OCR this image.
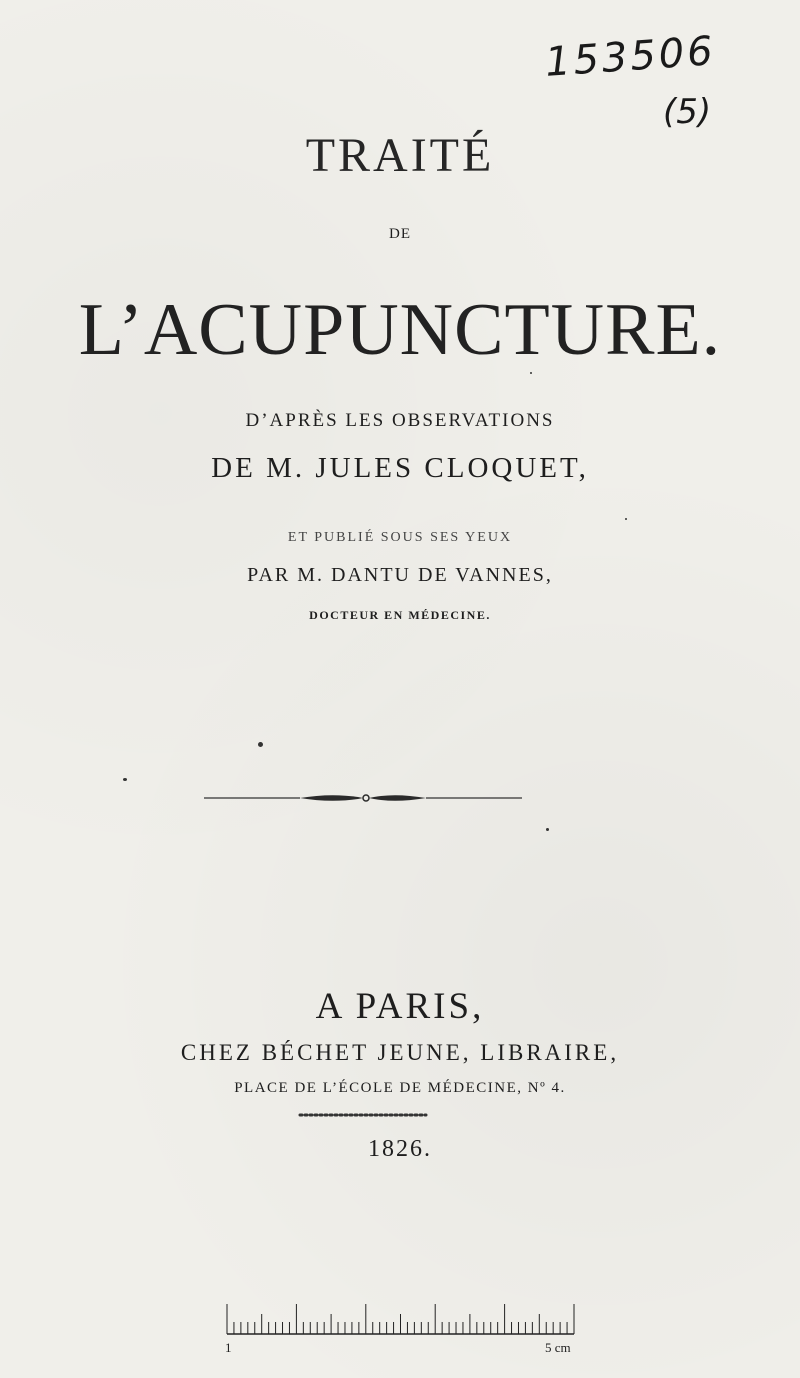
153506
(5)
TRAITÉ
DE
L’ACUPUNCTURE.
D’APRÈS LES OBSERVATIONS
DE M. JULES CLOQUET,
ET PUBLIÉ SOUS SES YEUX
PAR M. DANTU DE VANNES,
DOCTEUR EN MÉDECINE.
A PARIS,
CHEZ BÉCHET JEUNE, LIBRAIRE,
PLACE DE L’ÉCOLE DE MÉDECINE, Nº 4.
1826.
1	5 cm
